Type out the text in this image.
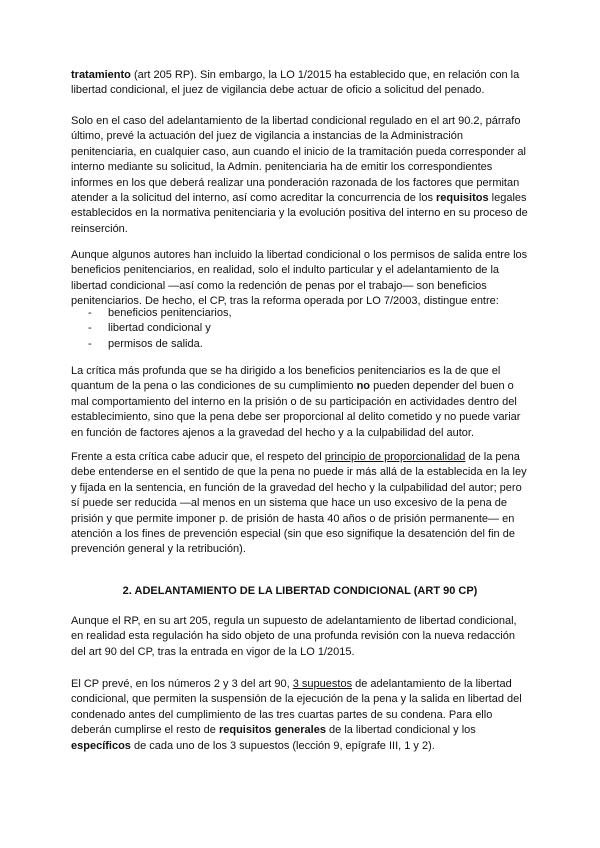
tratamiento (art 205 RP). Sin embargo, la LO 1/2015 ha establecido que, en relación con la libertad condicional, el juez de vigilancia debe actuar de oficio a solicitud del penado.

Solo en el caso del adelantamiento de la libertad condicional regulado en el art 90.2, párrafo último, prevé la actuación del juez de vigilancia a instancias de la Administración penitenciaria, en cualquier caso, aun cuando el inicio de la tramitación pueda corresponder al interno mediante su solicitud, la Admin. penitenciaria ha de emitir los correspondientes informes en los que deberá realizar una ponderación razonada de los factores que permitan atender a la solicitud del interno, así como acreditar la concurrencia de los requisitos legales establecidos en la normativa penitenciaria y la evolución positiva del interno en su proceso de reinserción.

Aunque algunos autores han incluido la libertad condicional o los permisos de salida entre los beneficios penitenciarios, en realidad, solo el indulto particular y el adelantamiento de la libertad condicional —así como la redención de penas por el trabajo— son beneficios penitenciarios. De hecho, el CP, tras la reforma operada por LO 7/2003, distingue entre:

- beneficios penitenciarios,
- libertad condicional y
- permisos de salida.

La crítica más profunda que se ha dirigido a los beneficios penitenciarios es la de que el quantum de la pena o las condiciones de su cumplimiento no pueden depender del buen o mal comportamiento del interno en la prisión o de su participación en actividades dentro del establecimiento, sino que la pena debe ser proporcional al delito cometido y no puede variar en función de factores ajenos a la gravedad del hecho y a la culpabilidad del autor.

Frente a esta crítica cabe aducir que, el respeto del principio de proporcionalidad de la pena debe entenderse en el sentido de que la pena no puede ir más allá de la establecida en la ley y fijada en la sentencia, en función de la gravedad del hecho y la culpabilidad del autor; pero sí puede ser reducida —al menos en un sistema que hace un uso excesivo de la pena de prisión y que permite imponer p. de prisión de hasta 40 años o de prisión permanente— en atención a los fines de prevención especial (sin que eso signifique la desatención del fin de prevención general y la retribución).

2. ADELANTAMIENTO DE LA LIBERTAD CONDICIONAL (ART 90 CP)

Aunque el RP, en su art 205, regula un supuesto de adelantamiento de libertad condicional, en realidad esta regulación ha sido objeto de una profunda revisión con la nueva redacción del art 90 del CP, tras la entrada en vigor de la LO 1/2015.

El CP prevé, en los números 2 y 3 del art 90, 3 supuestos de adelantamiento de la libertad condicional, que permiten la suspensión de la ejecución de la pena y la salida en libertad del condenado antes del cumplimiento de las tres cuartas partes de su condena. Para ello deberán cumplirse el resto de requisitos generales de la libertad condicional y los específicos de cada uno de los 3 supuestos (lección 9, epígrafe III, 1 y 2).
